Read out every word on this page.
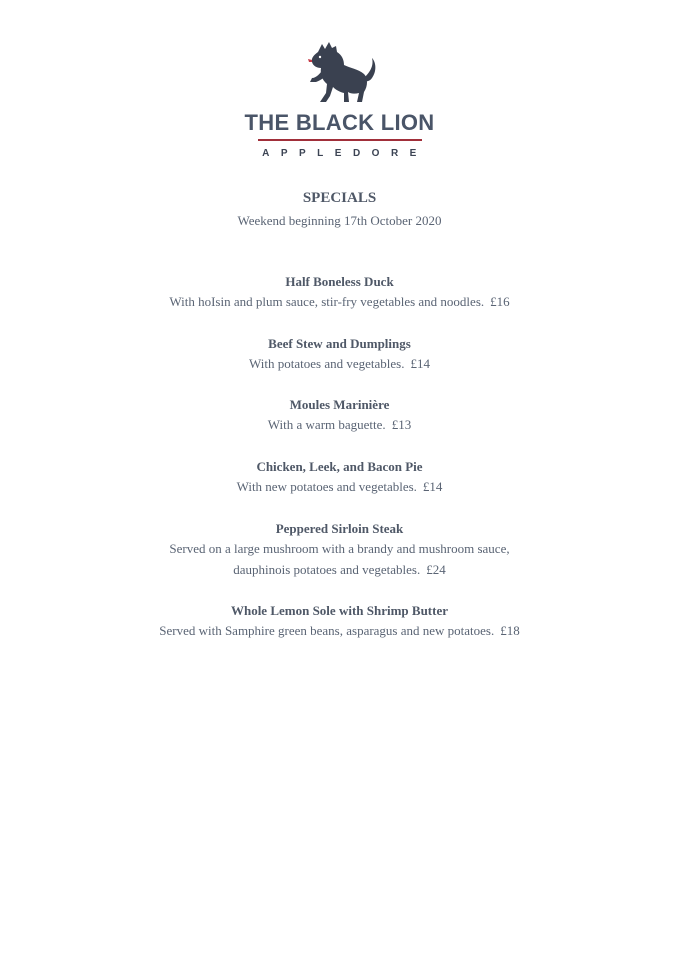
THE BLACK LION
APPLEDORE
SPECIALS
Weekend beginning 17th October 2020
Half Boneless Duck
With hoIsin and plum sauce, stir-fry vegetables and noodles. £16
Beef Stew and Dumplings
With potatoes and vegetables. £14
Moules Marinière
With a warm baguette. £13
Chicken, Leek, and Bacon Pie
With new potatoes and vegetables. £14
Peppered Sirloin Steak
Served on a large mushroom with a brandy and mushroom sauce,
dauphinois potatoes and vegetables. £24
Whole Lemon Sole with Shrimp Butter
Served with Samphire green beans, asparagus and new potatoes. £18
